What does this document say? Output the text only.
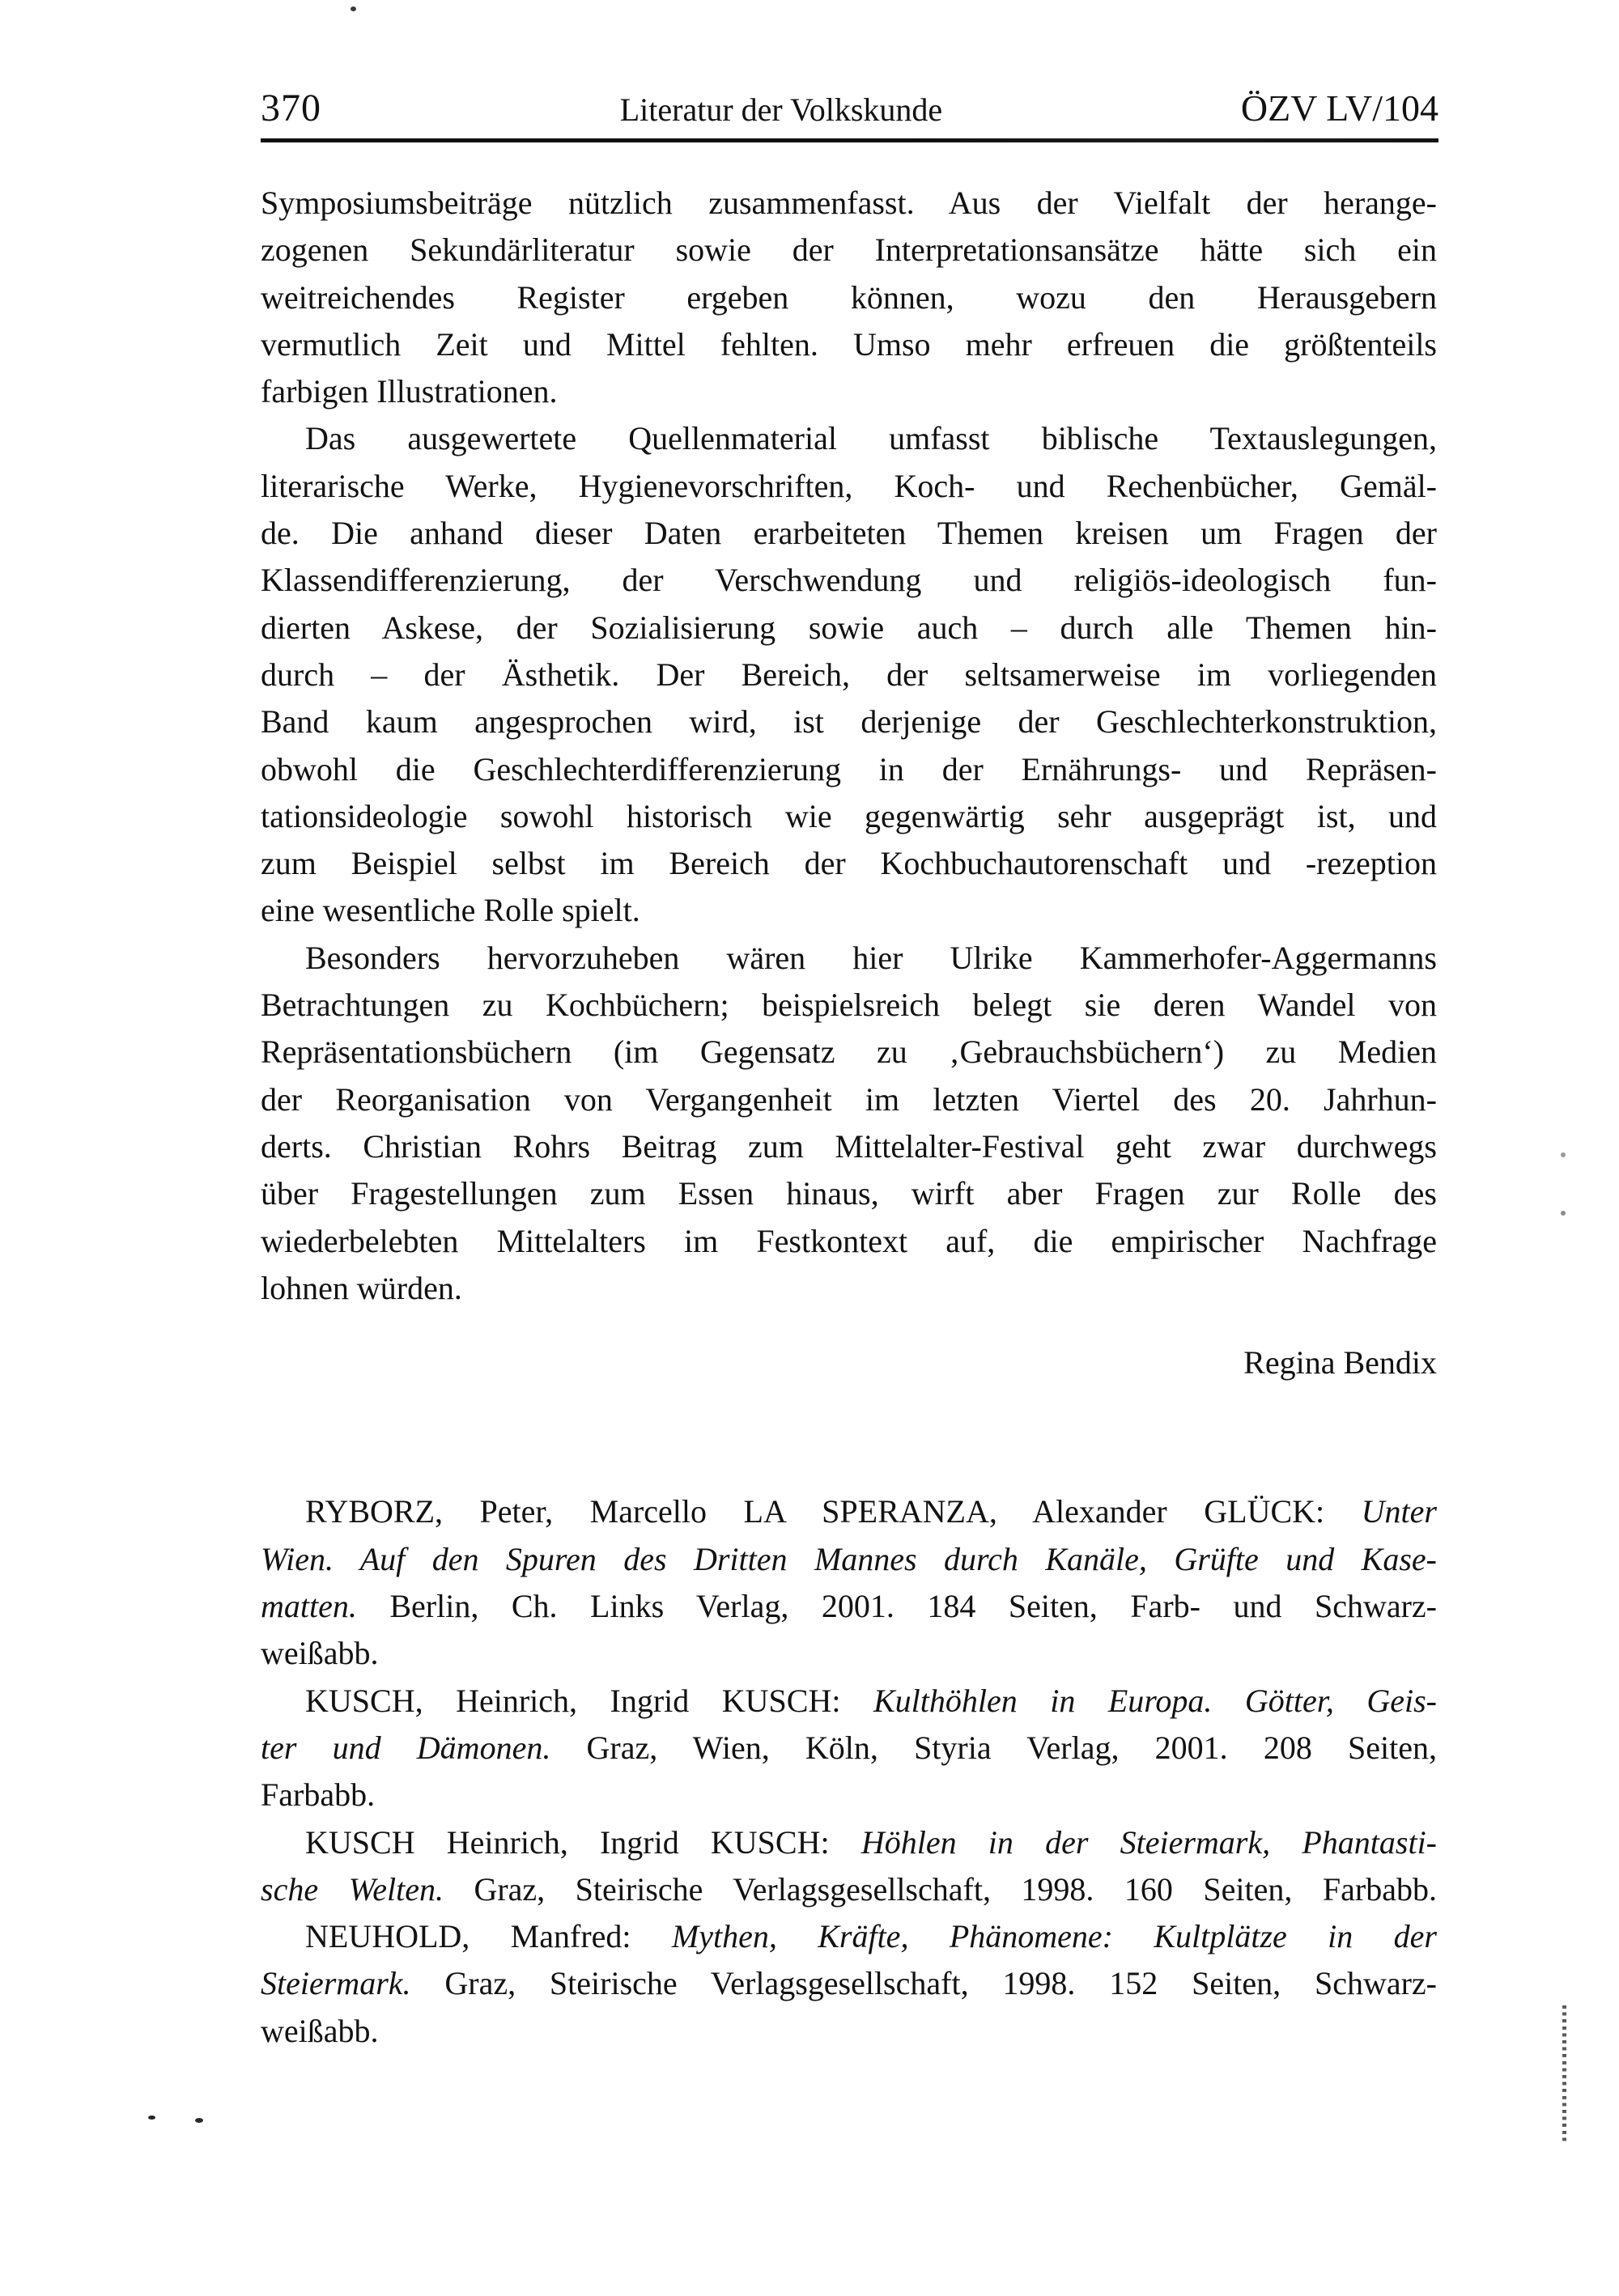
370	Literatur der Volkskunde	ÖZV LV/104
Symposiumsbeiträge nützlich zusammenfasst. Aus der Vielfalt der herange-
zogenen Sekundärliteratur sowie der Interpretationsansätze hätte sich ein
weitreichendes Register ergeben können, wozu den Herausgebern
vermutlich Zeit und Mittel fehlten. Umso mehr erfreuen die größtenteils
farbigen Illustrationen.
Das ausgewertete Quellenmaterial umfasst biblische Textauslegungen,
literarische Werke, Hygienevorschriften, Koch- und Rechenbücher, Gemäl-
de. Die anhand dieser Daten erarbeiteten Themen kreisen um Fragen der
Klassendifferenzierung, der Verschwendung und religiös-ideologisch fun-
dierten Askese, der Sozialisierung sowie auch – durch alle Themen hin-
durch – der Ästhetik. Der Bereich, der seltsamerweise im vorliegenden
Band kaum angesprochen wird, ist derjenige der Geschlechterkonstruktion,
obwohl die Geschlechterdifferenzierung in der Ernährungs- und Repräsen-
tationsideologie sowohl historisch wie gegenwärtig sehr ausgeprägt ist, und
zum Beispiel selbst im Bereich der Kochbuchautorenschaft und -rezeption
eine wesentliche Rolle spielt.
Besonders hervorzuheben wären hier Ulrike Kammerhofer-Aggermanns
Betrachtungen zu Kochbüchern; beispielsreich belegt sie deren Wandel von
Repräsentationsbüchern (im Gegensatz zu ‚Gebrauchsbüchern‘) zu Medien
der Reorganisation von Vergangenheit im letzten Viertel des 20. Jahrhun-
derts. Christian Rohrs Beitrag zum Mittelalter-Festival geht zwar durchwegs
über Fragestellungen zum Essen hinaus, wirft aber Fragen zur Rolle des
wiederbelebten Mittelalters im Festkontext auf, die empirischer Nachfrage
lohnen würden.
Regina Bendix
RYBORZ, Peter, Marcello LA SPERANZA, Alexander GLÜCK: Unter
Wien. Auf den Spuren des Dritten Mannes durch Kanäle, Grüfte und Kase-
matten. Berlin, Ch. Links Verlag, 2001. 184 Seiten, Farb- und Schwarz-
weißabb.
KUSCH, Heinrich, Ingrid KUSCH: Kulthöhlen in Europa. Götter, Geis-
ter und Dämonen. Graz, Wien, Köln, Styria Verlag, 2001. 208 Seiten,
Farbabb.
KUSCH Heinrich, Ingrid KUSCH: Höhlen in der Steiermark, Phantasti-
sche Welten. Graz, Steirische Verlagsgesellschaft, 1998. 160 Seiten, Farbabb.
NEUHOLD, Manfred: Mythen, Kräfte, Phänomene: Kultplätze in der
Steiermark. Graz, Steirische Verlagsgesellschaft, 1998. 152 Seiten, Schwarz-
weißabb.
